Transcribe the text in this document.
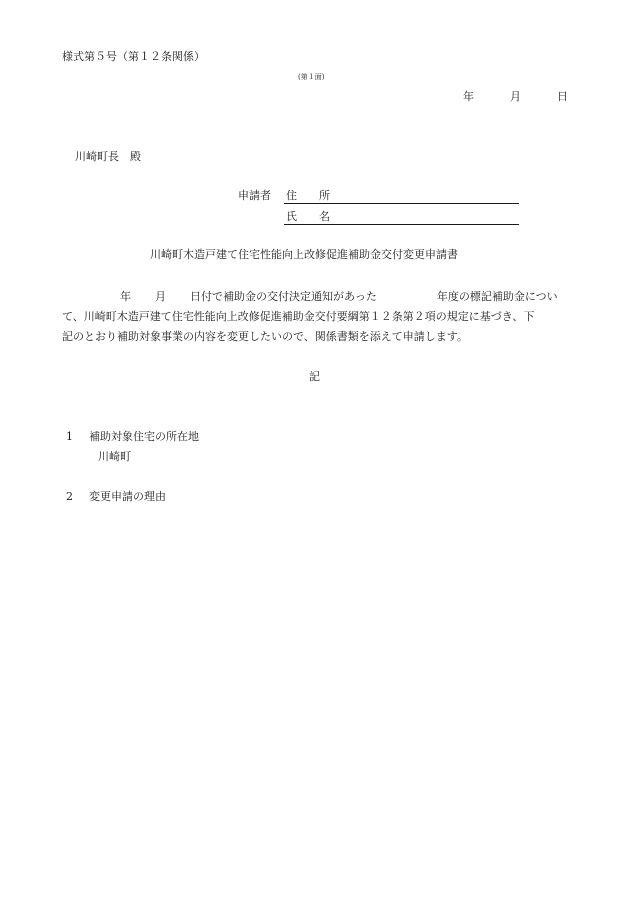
様式第５号（第１２条関係）
(第１面)
年	月	日
川崎町長　殿
申請者 住　　所
氏　　名
川崎町木造戸建て住宅性能向上改修促進補助金交付変更申請書
年 月 日付で補助金の交付決定通知があった	年度の標記補助金につい
て、川崎町木造戸建て住宅性能向上改修促進補助金交付要綱第１２条第２項の規定に基づき、下
記のとおり補助対象事業の内容を変更したいので、関係書類を添えて申請します。
記
1 補助対象住宅の所在地
川崎町
2 変更申請の理由
